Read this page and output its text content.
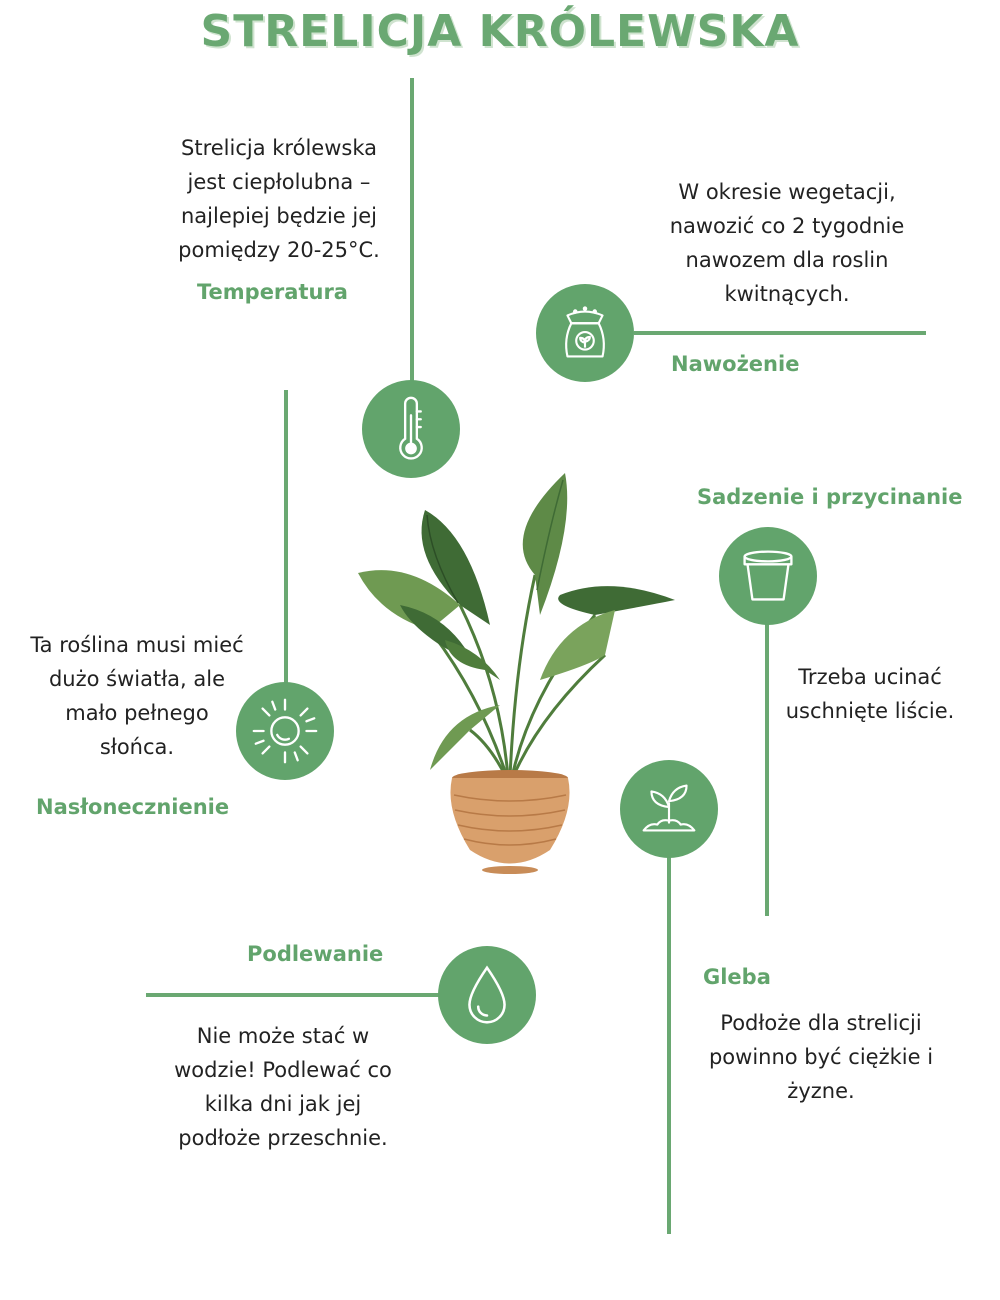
STRELICJA KRÓLEWSKA
Strelicja królewska jest ciepłolubna – najlepiej będzie jej pomiędzy 20-25°C.
Temperatura
W okresie wegetacji, nawozić co 2 tygodnie nawozem dla roslin kwitnących.
Nawożenie
Sadzenie i przycinanie
Trzeba ucinać uschnięte liście.
Ta roślina musi mieć dużo światła, ale mało pełnego słońca.
Nasłonecznienie
Gleba
Podłoże dla strelicji powinno być ciężkie i żyzne.
Podlewanie
Nie może stać w wodzie! Podlewać co kilka dni jak jej podłoże przeschnie.
